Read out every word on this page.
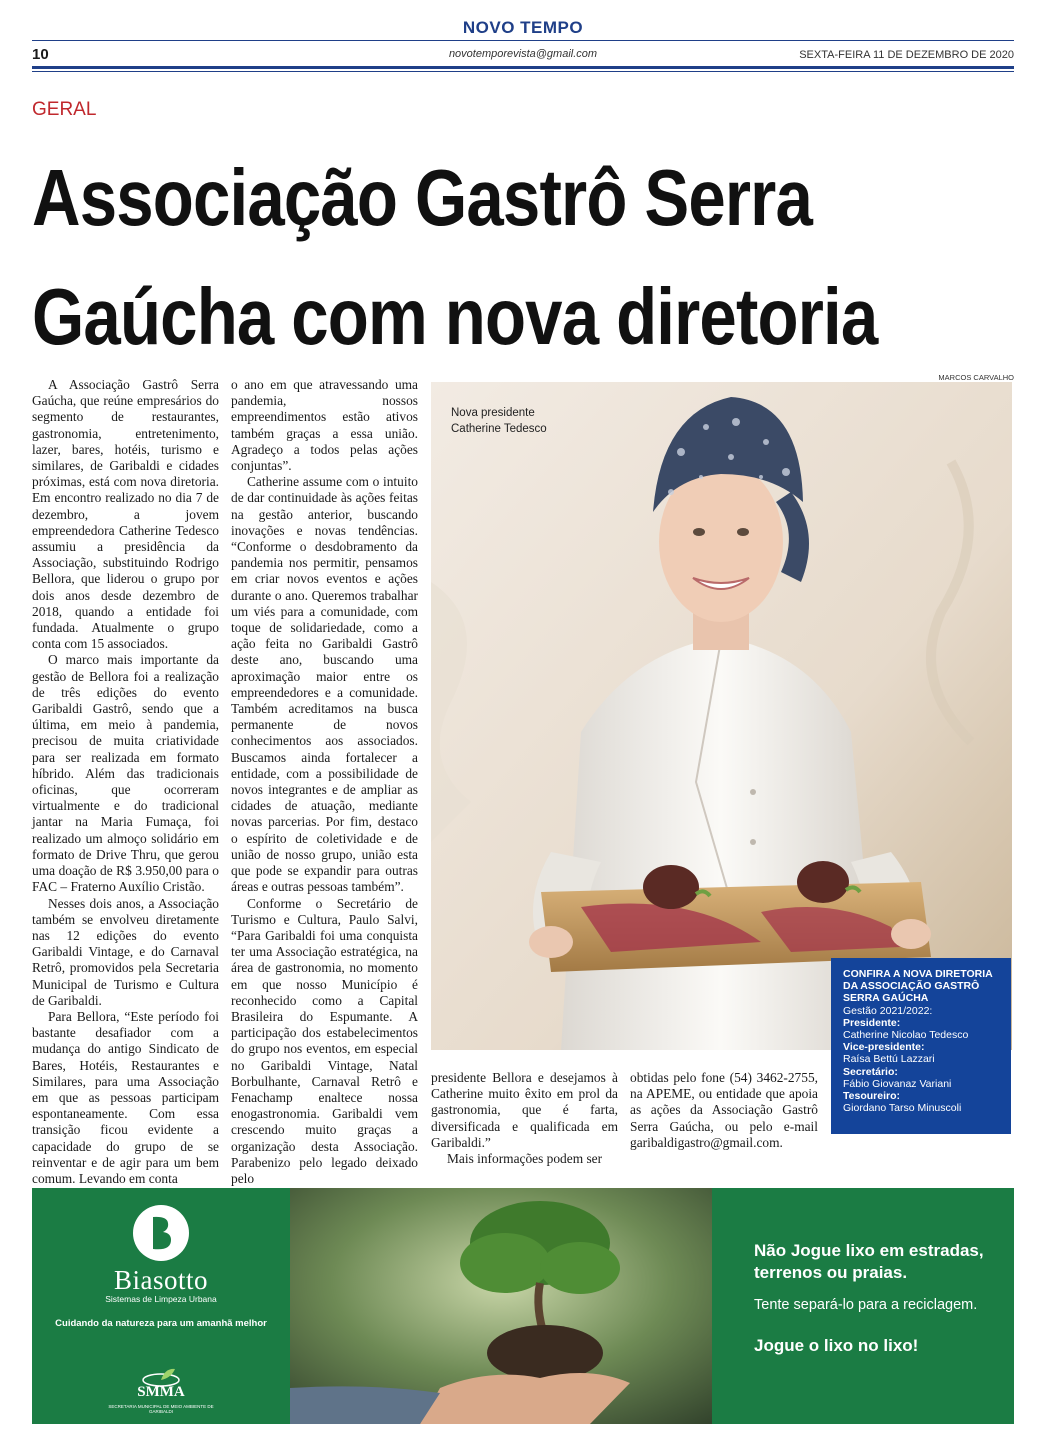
NOVO TEMPO
10	novotemporevista@gmail.com	SEXTA-FEIRA 11 DE DEZEMBRO DE 2020
GERAL
Associação Gastrô Serra
Gaúcha com nova diretoria

A Associação Gastrô Serra Gaúcha, que reúne empresários do segmento de restaurantes, gastronomia, entretenimento, lazer, bares, hotéis, turismo e similares, de Garibaldi e cidades próximas, está com nova diretoria. Em encontro realizado no dia 7 de dezembro, a jovem empreendedora Catherine Tedesco assumiu a presidência da Associação, substituindo Rodrigo Bellora, que liderou o grupo por dois anos desde dezembro de 2018, quando a entidade foi fundada. Atualmente o grupo conta com 15 associados.

O marco mais importante da gestão de Bellora foi a realização de três edições do evento Garibaldi Gastrô, sendo que a última, em meio à pandemia, precisou de muita criatividade para ser realizada em formato híbrido. Além das tradicionais oficinas, que ocorreram virtualmente e do tradicional jantar na Maria Fumaça, foi realizado um almoço solidário em formato de Drive Thru, que gerou uma doação de R$ 3.950,00 para o FAC – Fraterno Auxílio Cristão.

Nesses dois anos, a Associação também se envolveu diretamente nas 12 edições do evento Garibaldi Vintage, e do Carnaval Retrô, promovidos pela Secretaria Municipal de Turismo e Cultura de Garibaldi.

Para Bellora, “Este período foi bastante desafiador com a mudança do antigo Sindicato de Bares, Hotéis, Restaurantes e Similares, para uma Associação em que as pessoas participam espontaneamente. Com essa transição ficou evidente a capacidade do grupo de se reinventar e de agir para um bem comum. Levando em conta

o ano em que atravessando uma pandemia, nossos empreendimentos estão ativos também graças a essa união. Agradeço a todos pelas ações conjuntas”.

Catherine assume com o intuito de dar continuidade às ações feitas na gestão anterior, buscando inovações e novas tendências. “Conforme o desdobramento da pandemia nos permitir, pensamos em criar novos eventos e ações durante o ano. Queremos trabalhar um viés para a comunidade, com toque de solidariedade, como a ação feita no Garibaldi Gastrô deste ano, buscando uma aproximação maior entre os empreendedores e a comunidade. Também acreditamos na busca permanente de novos conhecimentos aos associados. Buscamos ainda fortalecer a entidade, com a possibilidade de novos integrantes e de ampliar as cidades de atuação, mediante novas parcerias. Por fim, destaco o espírito de coletividade e de união de nosso grupo, união esta que pode se expandir para outras áreas e outras pessoas também”.

Conforme o Secretário de Turismo e Cultura, Paulo Salvi, “Para Garibaldi foi uma conquista ter uma Associação estratégica, na área de gastronomia, no momento em que nosso Município é reconhecido como a Capital Brasileira do Espumante. A participação dos estabelecimentos do grupo nos eventos, em especial no Garibaldi Vintage, Natal Borbulhante, Carnaval Retrô e Fenachamp enaltece nossa enogastronomia. Garibaldi vem crescendo muito graças a organização desta Associação. Parabenizo pelo legado deixado pelo

presidente Bellora e desejamos à Catherine muito êxito em prol da gastronomia, que é farta, diversificada e qualificada em Garibaldi.”

Mais informações podem ser

obtidas pelo fone (54) 3462-2755, na APEME, ou entidade que apoia as ações da Associação Gastrô Serra Gaúcha, ou pelo e-mail garibaldigastro@gmail.com.

MARCOS CARVALHO
Nova presidente
Catherine Tedesco
CONFIRA A NOVA DIRETORIA
DA ASSOCIAÇÃO GASTRÔ
SERRA GAÚCHA
Gestão 2021/2022:
Presidente:
Catherine Nicolao Tedesco
Vice-presidente:
Raísa Bettú Lazzari
Secretário:
Fábio Giovanaz Variani
Tesoureiro:
Giordano Tarso Minuscoli
Biasotto
Sistemas de Limpeza Urbana
Cuidando da natureza para um amanhã melhor
SMMA
SECRETARIA MUNICIPAL DE MEIO AMBIENTE DE GARIBALDI
Não Jogue lixo em estradas, terrenos ou praias.
Tente separá-lo para a reciclagem.
Jogue o lixo no lixo!
